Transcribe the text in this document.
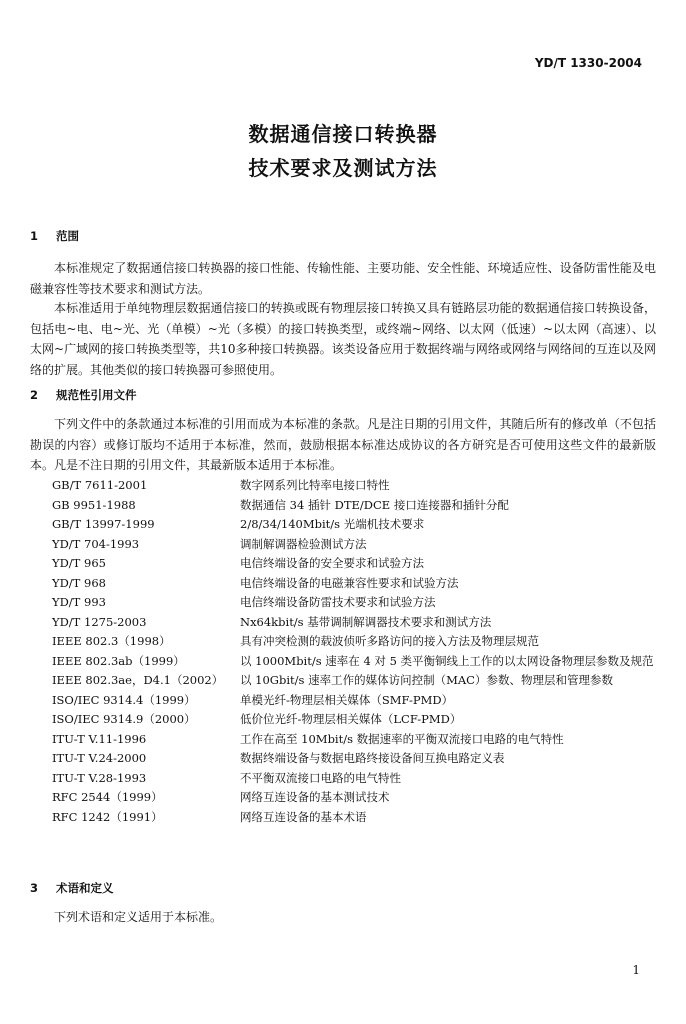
YD/T 1330-2004
数据通信接口转换器
技术要求及测试方法
1 范围
本标准规定了数据通信接口转换器的接口性能、传输性能、主要功能、安全性能、环境适应性、设备防雷性能及电磁兼容性等技术要求和测试方法。
本标准适用于单纯物理层数据通信接口的转换或既有物理层接口转换又具有链路层功能的数据通信接口转换设备，包括电~电、电~光、光（单模）~光（多模）的接口转换类型，或终端~网络、以太网（低速）~以太网（高速）、以太网~广域网的接口转换类型等，共10多种接口转换器。该类设备应用于数据终端与网络或网络与网络间的互连以及网络的扩展。其他类似的接口转换器可参照使用。
2 规范性引用文件
下列文件中的条款通过本标准的引用而成为本标准的条款。凡是注日期的引用文件，其随后所有的修改单（不包括勘误的内容）或修订版均不适用于本标准，然而，鼓励根据本标准达成协议的各方研究是否可使用这些文件的最新版本。凡是不注日期的引用文件，其最新版本适用于本标准。
GB/T 7611-2001	数字网系列比特率电接口特性
GB 9951-1988	数据通信 34 插针 DTE/DCE 接口连接器和插针分配
GB/T 13997-1999	2/8/34/140Mbit/s 光端机技术要求
YD/T 704-1993	调制解调器检验测试方法
YD/T 965	电信终端设备的安全要求和试验方法
YD/T 968	电信终端设备的电磁兼容性要求和试验方法
YD/T 993	电信终端设备防雷技术要求和试验方法
YD/T 1275-2003	Nx64kbit/s 基带调制解调器技术要求和测试方法
IEEE 802.3（1998）	具有冲突检测的载波侦听多路访问的接入方法及物理层规范
IEEE 802.3ab（1999）	以 1000Mbit/s 速率在 4 对 5 类平衡铜线上工作的以太网设备物理层参数及规范
IEEE 802.3ae，D4.1（2002）	以 10Gbit/s 速率工作的媒体访问控制（MAC）参数、物理层和管理参数
ISO/IEC 9314.4（1999）	单模光纤-物理层相关媒体（SMF-PMD）
ISO/IEC 9314.9（2000）	低价位光纤-物理层相关媒体（LCF-PMD）
ITU-T V.11-1996	工作在高至 10Mbit/s 数据速率的平衡双流接口电路的电气特性
ITU-T V.24-2000	数据终端设备与数据电路终接设备间互换电路定义表
ITU-T V.28-1993	不平衡双流接口电路的电气特性
RFC 2544（1999）	网络互连设备的基本测试技术
RFC 1242（1991）	网络互连设备的基本术语
3 术语和定义
下列术语和定义适用于本标准。
1
